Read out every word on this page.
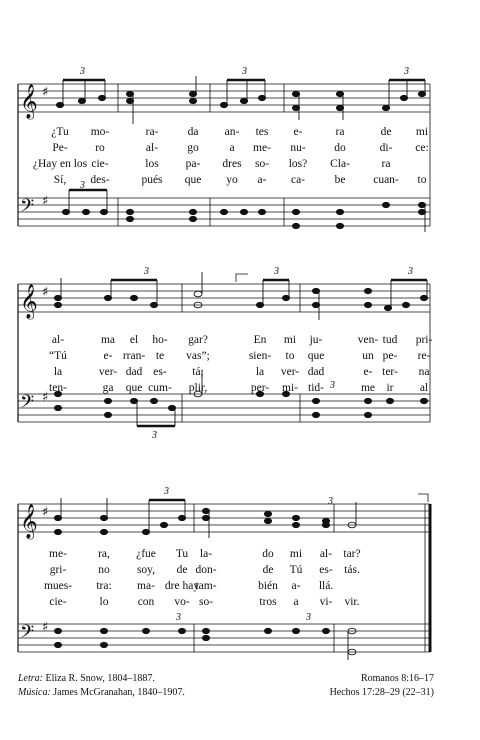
𝄞 ♯
𝄢 ♯
3	3	3
3
¿Tu mo-	ra-	da an- tes e-	ra	de mi
Pe- ro	al-	go	a me- nu- do	di- ce:
¿Hay en los cie-	los pa- dres so- los? Cla-	ra
Sí, des-	pués que yo a- ca-	be cuan- to
𝄞 ♯
𝄢 ♯
3	3	3
3
3
al-	ma el ho- gar?	En mi ju-	ven- tud pri-
“Tú	e- rran- te vas”;	sien- to que	un pe- re-
la	ver- dad es- tá;	la ver- dad	e- ter- na
ten-	ga que cum- plir,	per- mi- tid-	me ir al
𝄞 ♯
𝄢 ♯
3
3
3	3
me-	ra, ¿fue Tu la-	do mi al- tar?
gri-	no soy, de don-	de Tú es- tás.
mues- tra: ma- dre hay
tam-	bién a- llá.
cie-	lo	con vo- so-	tros a vi- vir.
Letra: Eliza R. Snow, 1804–1887.
Música: James McGranahan, 1840–1907.
Romanos 8:16–17
Hechos 17:28–29 (22–31)
